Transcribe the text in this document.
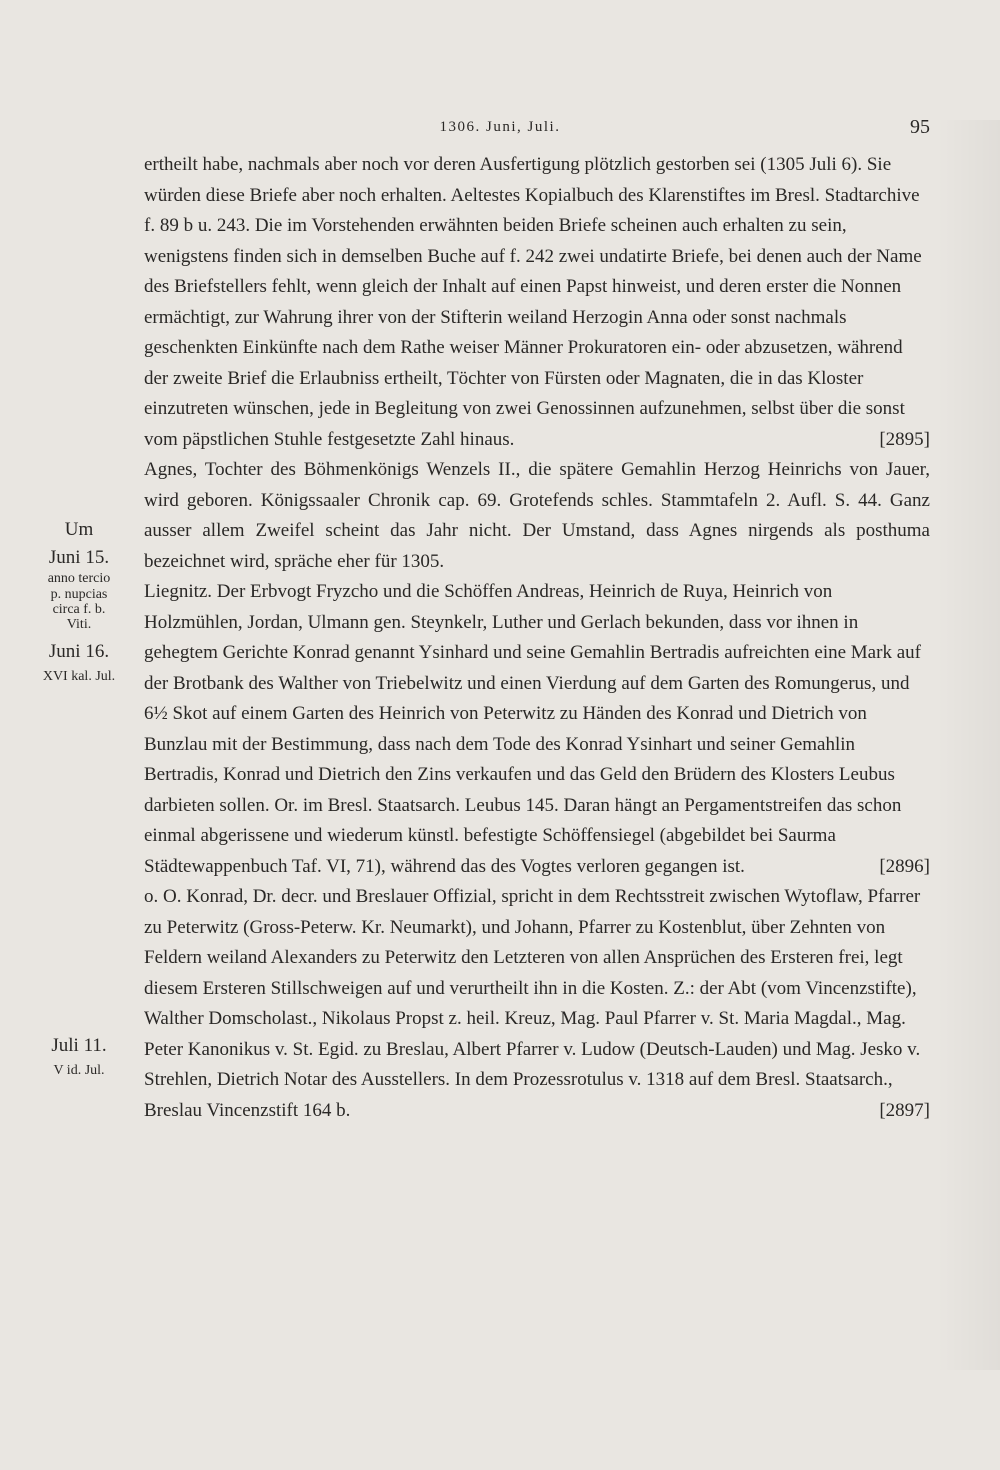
1306. Juni, Juli.	95
Um
Juni 15.
anno tercio
p. nupcias
circa f. b.
Viti.
Juni 16.
XVI kal. Jul.
Juli 11.
V id. Jul.

ertheilt habe, nachmals aber noch vor deren Ausfertigung plötzlich gestorben sei (1305 Juli 6). Sie würden diese Briefe aber noch erhalten. Aeltestes Kopialbuch des Klarenstiftes im Bresl. Stadtarchive f. 89 b u. 243. Die im Vorstehenden erwähnten beiden Briefe scheinen auch erhalten zu sein, wenigstens finden sich in demselben Buche auf f. 242 zwei undatirte Briefe, bei denen auch der Name des Briefstellers fehlt, wenn gleich der Inhalt auf einen Papst hinweist, und deren erster die Nonnen ermächtigt, zur Wahrung ihrer von der Stifterin weiland Herzogin Anna oder sonst nachmals geschenkten Einkünfte nach dem Rathe weiser Männer Prokuratoren ein- oder abzusetzen, während der zweite Brief die Erlaubniss ertheilt, Töchter von Fürsten oder Magnaten, die in das Kloster einzutreten wünschen, jede in Begleitung von zwei Genossinnen aufzunehmen, selbst über die sonst vom päpstlichen Stuhle festgesetzte Zahl hinaus.	[2895]

Agnes, Tochter des Böhmenkönigs Wenzels II., die spätere Gemahlin Herzog Heinrichs von Jauer, wird geboren. Königssaaler Chronik cap. 69. Grotefends schles. Stammtafeln 2. Aufl. S. 44. Ganz ausser allem Zweifel scheint das Jahr nicht. Der Umstand, dass Agnes nirgends als posthuma bezeichnet wird, spräche eher für 1305.

Liegnitz. Der Erbvogt Fryzcho und die Schöffen Andreas, Heinrich de Ruya, Heinrich von Holzmühlen, Jordan, Ulmann gen. Steynkelr, Luther und Gerlach bekunden, dass vor ihnen in gehegtem Gerichte Konrad genannt Ysinhard und seine Gemahlin Bertradis aufreichten eine Mark auf der Brotbank des Walther von Triebelwitz und einen Vierdung auf dem Garten des Romungerus, und 6½ Skot auf einem Garten des Heinrich von Peterwitz zu Händen des Konrad und Dietrich von Bunzlau mit der Bestimmung, dass nach dem Tode des Konrad Ysinhart und seiner Gemahlin Bertradis, Konrad und Dietrich den Zins verkaufen und das Geld den Brüdern des Klosters Leubus darbieten sollen. Or. im Bresl. Staatsarch. Leubus 145. Daran hängt an Pergamentstreifen das schon einmal abgerissene und wiederum künstl. befestigte Schöffensiegel (abgebildet bei Saurma Städtewappenbuch Taf. VI, 71), während das des Vogtes verloren gegangen ist.	[2896]

o. O. Konrad, Dr. decr. und Breslauer Offizial, spricht in dem Rechtsstreit zwischen Wytoflaw, Pfarrer zu Peterwitz (Gross-Peterw. Kr. Neumarkt), und Johann, Pfarrer zu Kostenblut, über Zehnten von Feldern weiland Alexanders zu Peterwitz den Letzteren von allen Ansprüchen des Ersteren frei, legt diesem Ersteren Stillschweigen auf und verurtheilt ihn in die Kosten. Z.: der Abt (vom Vincenzstifte), Walther Domscholast., Nikolaus Propst z. heil. Kreuz, Mag. Paul Pfarrer v. St. Maria Magdal., Mag. Peter Kanonikus v. St. Egid. zu Breslau, Albert Pfarrer v. Ludow (Deutsch-Lauden) und Mag. Jesko v. Strehlen, Dietrich Notar des Ausstellers. In dem Prozessrotulus v. 1318 auf dem Bresl. Staatsarch., Breslau Vincenzstift 164 b.	[2897]
